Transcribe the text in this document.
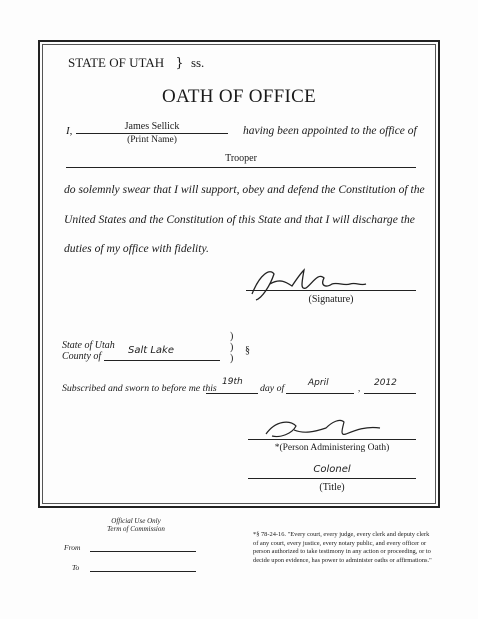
STATE OF UTAH } ss.
OATH OF OFFICE
I,	James Sellick
(Print Name)
having been appointed to the office of
Trooper
do solemnly swear that I will support, obey and defend the Constitution of the
United States and the Constitution of this State and that I will discharge the
duties of my office with fidelity.
(Signature)
State of Utah
County of
Salt Lake
)
)
)
§
Subscribed and sworn to before me this
19th
day of	April	, 2012
*(Person Administering Oath)
Colonel
(Title)
Official Use Only
Term of Commission
From
To
*§ 78-24-16. "Every court, every judge, every clerk and deputy clerk of any court, every justice, every notary public, and every officer or person authorized to take testimony in any action or proceeding, or to decide upon evidence, has power to administer oaths or affirmations."
